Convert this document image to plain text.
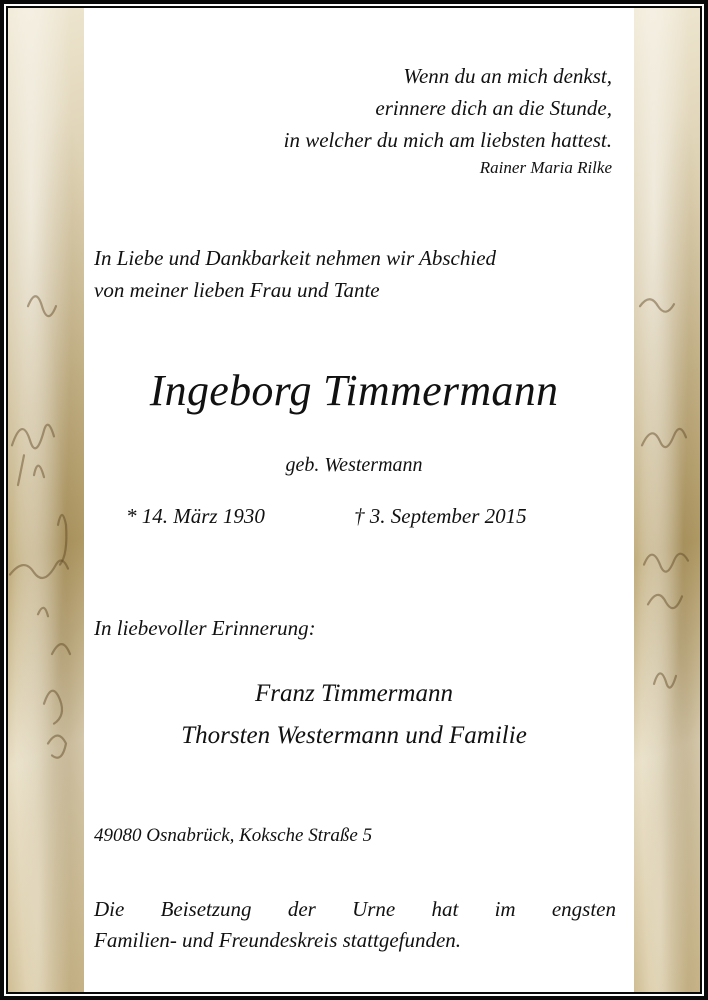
Wenn du an mich denkst,
erinnere dich an die Stunde,
in welcher du mich am liebsten hattest.
Rainer Maria Rilke
In Liebe und Dankbarkeit nehmen wir Abschied
von meiner lieben Frau und Tante
Ingeborg Timmermann
geb. Westermann
* 14. März 1930	† 3. September 2015
In liebevoller Erinnerung:
Franz Timmermann
Thorsten Westermann und Familie
49080 Osnabrück, Koksche Straße 5
Die Beisetzung der Urne hat im engsten
Familien- und Freundeskreis stattgefunden.
